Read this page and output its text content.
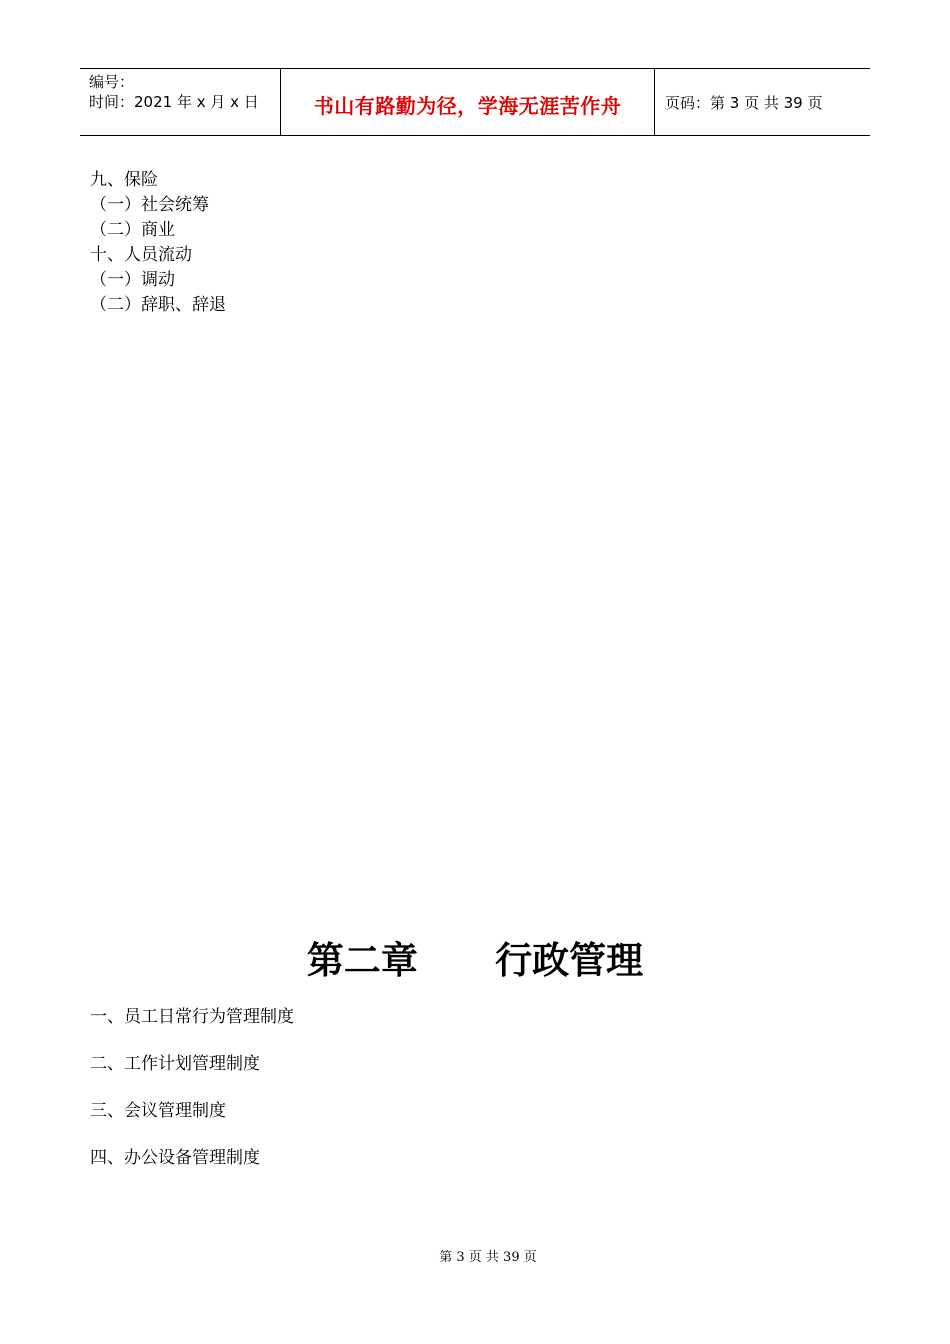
编号：
时间：2021 年 x 月 x 日	书山有路勤为径，学海无涯苦作舟	页码：第 3 页 共 39 页
九、保险
（一）社会统筹
（二）商业
十、人员流动
（一）调动
（二）辞职、辞退
第二章      行政管理
一、员工日常行为管理制度
二、工作计划管理制度
三、会议管理制度
四、办公设备管理制度
第 3 页 共 39 页
